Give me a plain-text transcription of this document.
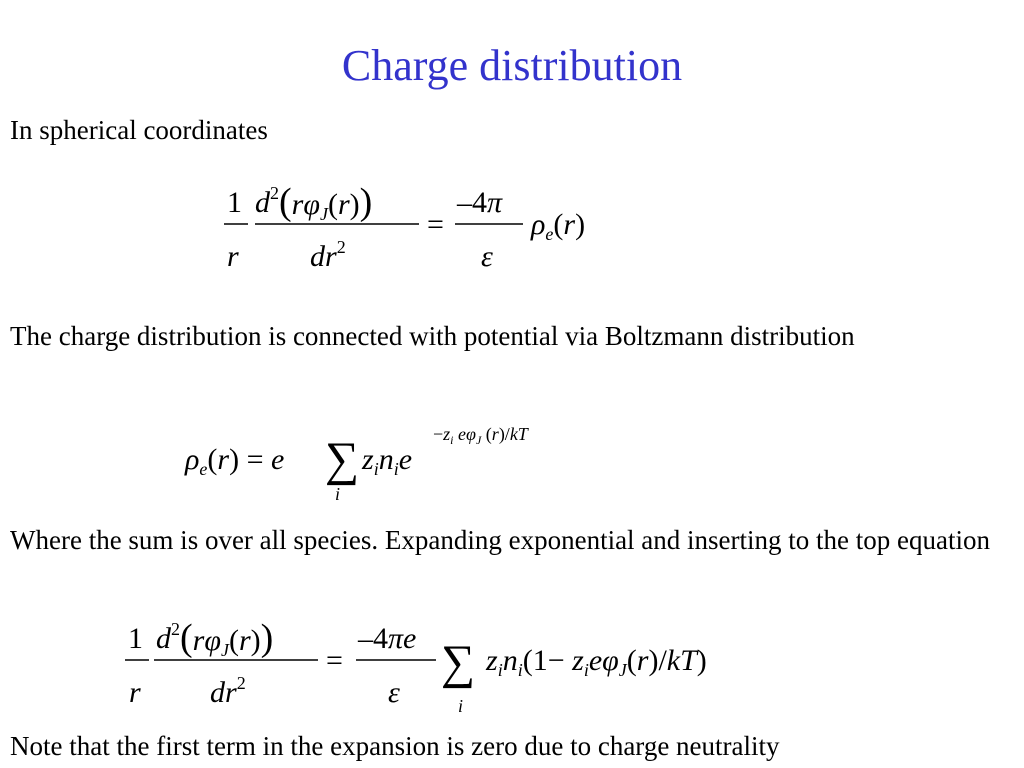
Charge distribution
In spherical coordinates
1
r
$d^2(r\varphi_J(r))$
$dr^2$
=
–4π
ε
$\rho_e(r)$
The charge distribution is connected with potential via Boltzmann distribution
$\rho_e(r) = e$ ∑
i
$z_in_ie$
$-z_i$ $e\varphi_J$ (r)/kT
Where the sum is over all species. Expanding exponential and inserting to the top equation
1
r
$d^2(r\varphi_J(r))$
$dr^2$
=
–4πe
ε
∑
i
$z_in_i(1- z_ie\varphi_J(r)/kT)$
Note that the first term in the expansion is zero due to charge neutrality
